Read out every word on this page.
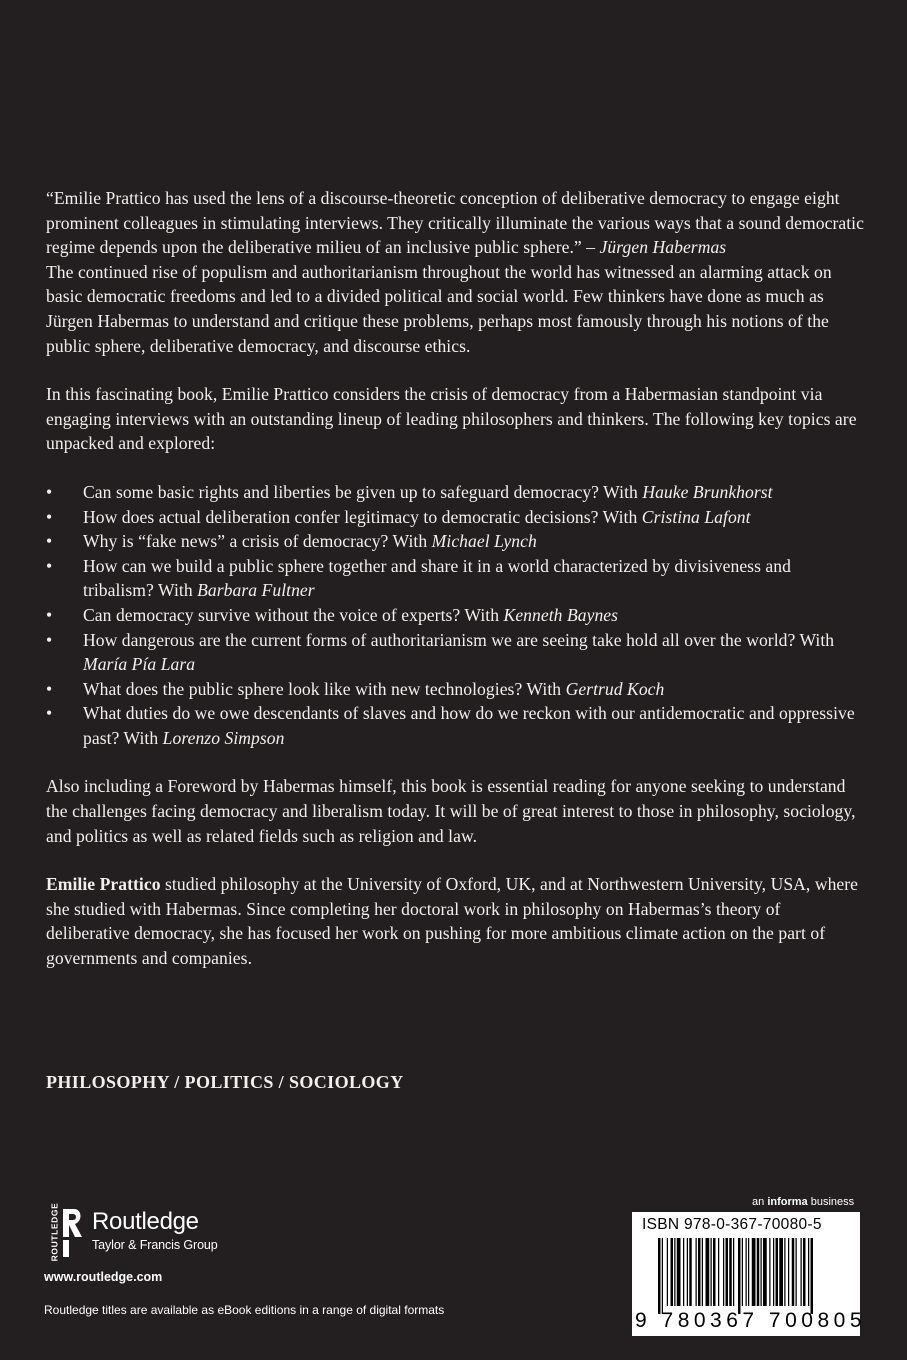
“Emilie Prattico has used the lens of a discourse-theoretic conception of deliberative democracy to engage eight prominent colleagues in stimulating interviews. They critically illuminate the various ways that a sound democratic regime depends upon the deliberative milieu of an inclusive public sphere.” – Jürgen Habermas

The continued rise of populism and authoritarianism throughout the world has witnessed an alarming attack on basic democratic freedoms and led to a divided political and social world. Few thinkers have done as much as Jürgen Habermas to understand and critique these problems, perhaps most famously through his notions of the public sphere, deliberative democracy, and discourse ethics.

In this fascinating book, Emilie Prattico considers the crisis of democracy from a Habermasian standpoint via engaging interviews with an outstanding lineup of leading philosophers and thinkers. The following key topics are unpacked and explored:

• Can some basic rights and liberties be given up to safeguard democracy? With Hauke Brunkhorst
• How does actual deliberation confer legitimacy to democratic decisions? With Cristina Lafont
• Why is “fake news” a crisis of democracy? With Michael Lynch
• How can we build a public sphere together and share it in a world characterized by divisiveness and tribalism? With Barbara Fultner
• Can democracy survive without the voice of experts? With Kenneth Baynes
• How dangerous are the current forms of authoritarianism we are seeing take hold all over the world? With María Pía Lara
• What does the public sphere look like with new technologies? With Gertrud Koch
• What duties do we owe descendants of slaves and how do we reckon with our antidemocratic and oppressive past? With Lorenzo Simpson

Also including a Foreword by Habermas himself, this book is essential reading for anyone seeking to understand the challenges facing democracy and liberalism today. It will be of great interest to those in philosophy, sociology, and politics as well as related fields such as religion and law.

Emilie Prattico studied philosophy at the University of Oxford, UK, and at Northwestern University, USA, where she studied with Habermas. Since completing her doctoral work in philosophy on Habermas’s theory of deliberative democracy, she has focused her work on pushing for more ambitious climate action on the part of governments and companies.

PHILOSOPHY / POLITICS / SOCIOLOGY
ROUTLEDGE Routledge
Taylor & Francis Group
www.routledge.com
Routledge titles are available as eBook editions in a range of digital formats
an informa business
ISBN 978-0-367-70080-5
9 780367 700805
